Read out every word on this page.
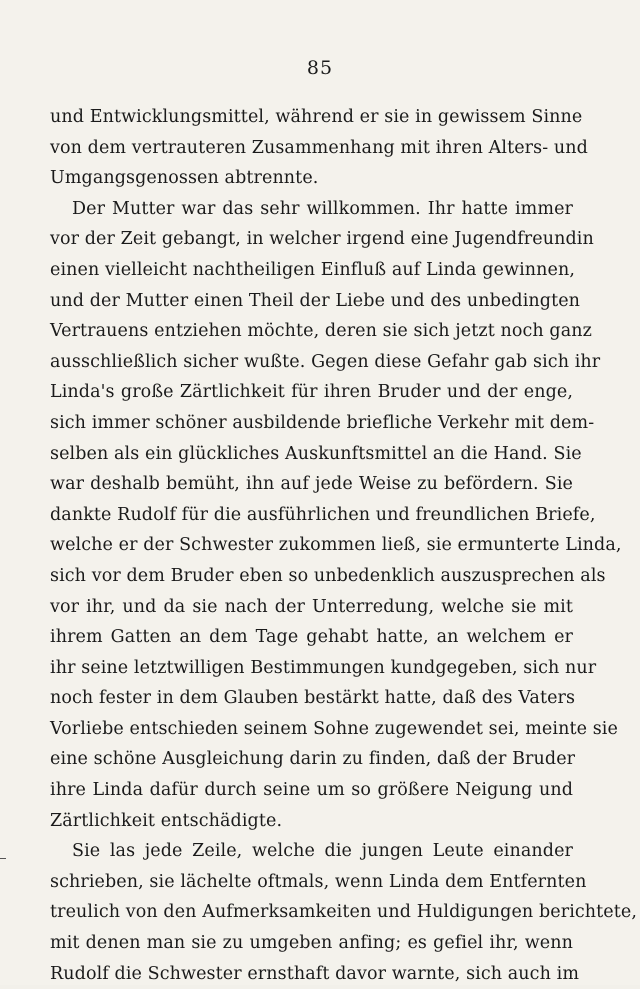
85
und Entwicklungsmittel, während er sie in gewissem Sinne
von dem vertrauteren Zusammenhang mit ihren Alters- und
Umgangsgenossen abtrennte.
Der Mutter war das sehr willkommen. Ihr hatte immer
vor der Zeit gebangt, in welcher irgend eine Jugendfreundin
einen vielleicht nachtheiligen Einfluß auf Linda gewinnen,
und der Mutter einen Theil der Liebe und des unbedingten
Vertrauens entziehen möchte, deren sie sich jetzt noch ganz
ausschließlich sicher wußte. Gegen diese Gefahr gab sich ihr
Linda's große Zärtlichkeit für ihren Bruder und der enge,
sich immer schöner ausbildende briefliche Verkehr mit dem-
selben als ein glückliches Auskunftsmittel an die Hand. Sie
war deshalb bemüht, ihn auf jede Weise zu befördern. Sie
dankte Rudolf für die ausführlichen und freundlichen Briefe,
welche er der Schwester zukommen ließ, sie ermunterte Linda,
sich vor dem Bruder eben so unbedenklich auszusprechen als
vor ihr, und da sie nach der Unterredung, welche sie mit
ihrem Gatten an dem Tage gehabt hatte, an welchem er
ihr seine letztwilligen Bestimmungen kundgegeben, sich nur
noch fester in dem Glauben bestärkt hatte, daß des Vaters
Vorliebe entschieden seinem Sohne zugewendet sei, meinte sie
eine schöne Ausgleichung darin zu finden, daß der Bruder
ihre Linda dafür durch seine um so größere Neigung und
Zärtlichkeit entschädigte.
Sie las jede Zeile, welche die jungen Leute einander
schrieben, sie lächelte oftmals, wenn Linda dem Entfernten
treulich von den Aufmerksamkeiten und Huldigungen berichtete,
mit denen man sie zu umgeben anfing; es gefiel ihr, wenn
Rudolf die Schwester ernsthaft davor warnte, sich auch im
